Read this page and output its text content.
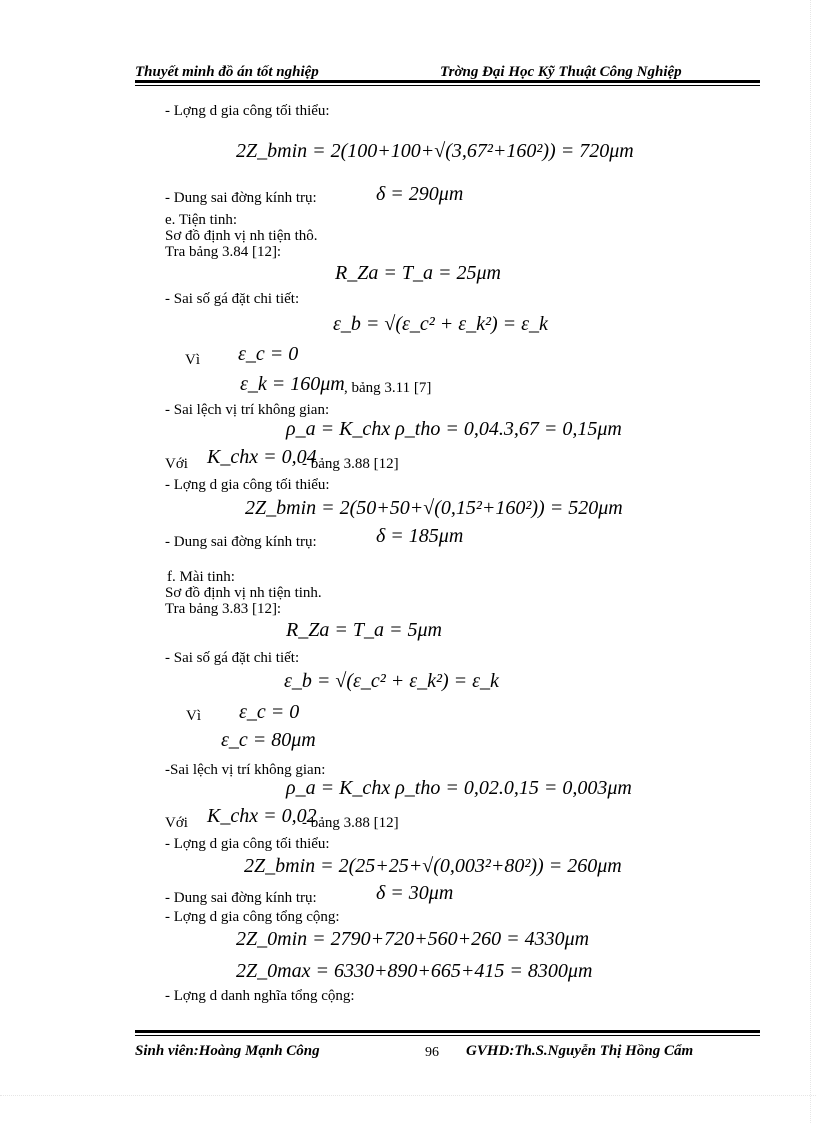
Thuyết minh đồ án tốt nghiệp	Trờng Đại Học Kỹ Thuật Công Nghiệp
- Lợng d gia công tối thiểu:
2Z_bmin = 2(100+100+√(3,67²+160²)) = 720μm
- Dung sai đờng kính trụ:	δ = 290μm
e. Tiện tinh:
Sơ đồ định vị nh tiện thô.
Tra bảng 3.84 [12]:
R_Za = T_a = 25μm
- Sai số gá đặt chi tiết:
ε_b = √(ε_c² + ε_k²) = ε_k
Vì ε_c = 0
ε_k = 160μm , bảng 3.11 [7]
- Sai lệch vị trí không gian:
ρ_a = K_chx ρ_tho = 0,04.3,67 = 0,15μm
Với K_chx = 0,04
- bảng 3.88 [12]
- Lợng d gia công tối thiểu:
2Z_bmin = 2(50+50+√(0,15²+160²)) = 520μm
- Dung sai đờng kính trụ:	δ = 185μm
f. Mài tinh:
Sơ đồ định vị nh tiện tinh.
Tra bảng 3.83 [12]:
R_Za = T_a = 5μm
- Sai số gá đặt chi tiết:
ε_b = √(ε_c² + ε_k²) = ε_k
Vì ε_c = 0
ε_c = 80μm
-Sai lệch vị trí không gian:
ρ_a = K_chx ρ_tho = 0,02.0,15 = 0,003μm
Với K_chx = 0,02
- bảng 3.88 [12]
- Lợng d gia công tối thiểu:
2Z_bmin = 2(25+25+√(0,003²+80²)) = 260μm
- Dung sai đờng kính trụ:	δ = 30μm
- Lợng d gia công tổng cộng:
2Z_0min = 2790+720+560+260 = 4330μm
2Z_0max = 6330+890+665+415 = 8300μm
- Lợng d danh nghĩa tổng cộng:
Sinh viên:Hoàng Mạnh Công	96 GVHD:Th.S.Nguyễn Thị Hồng Cẩm
